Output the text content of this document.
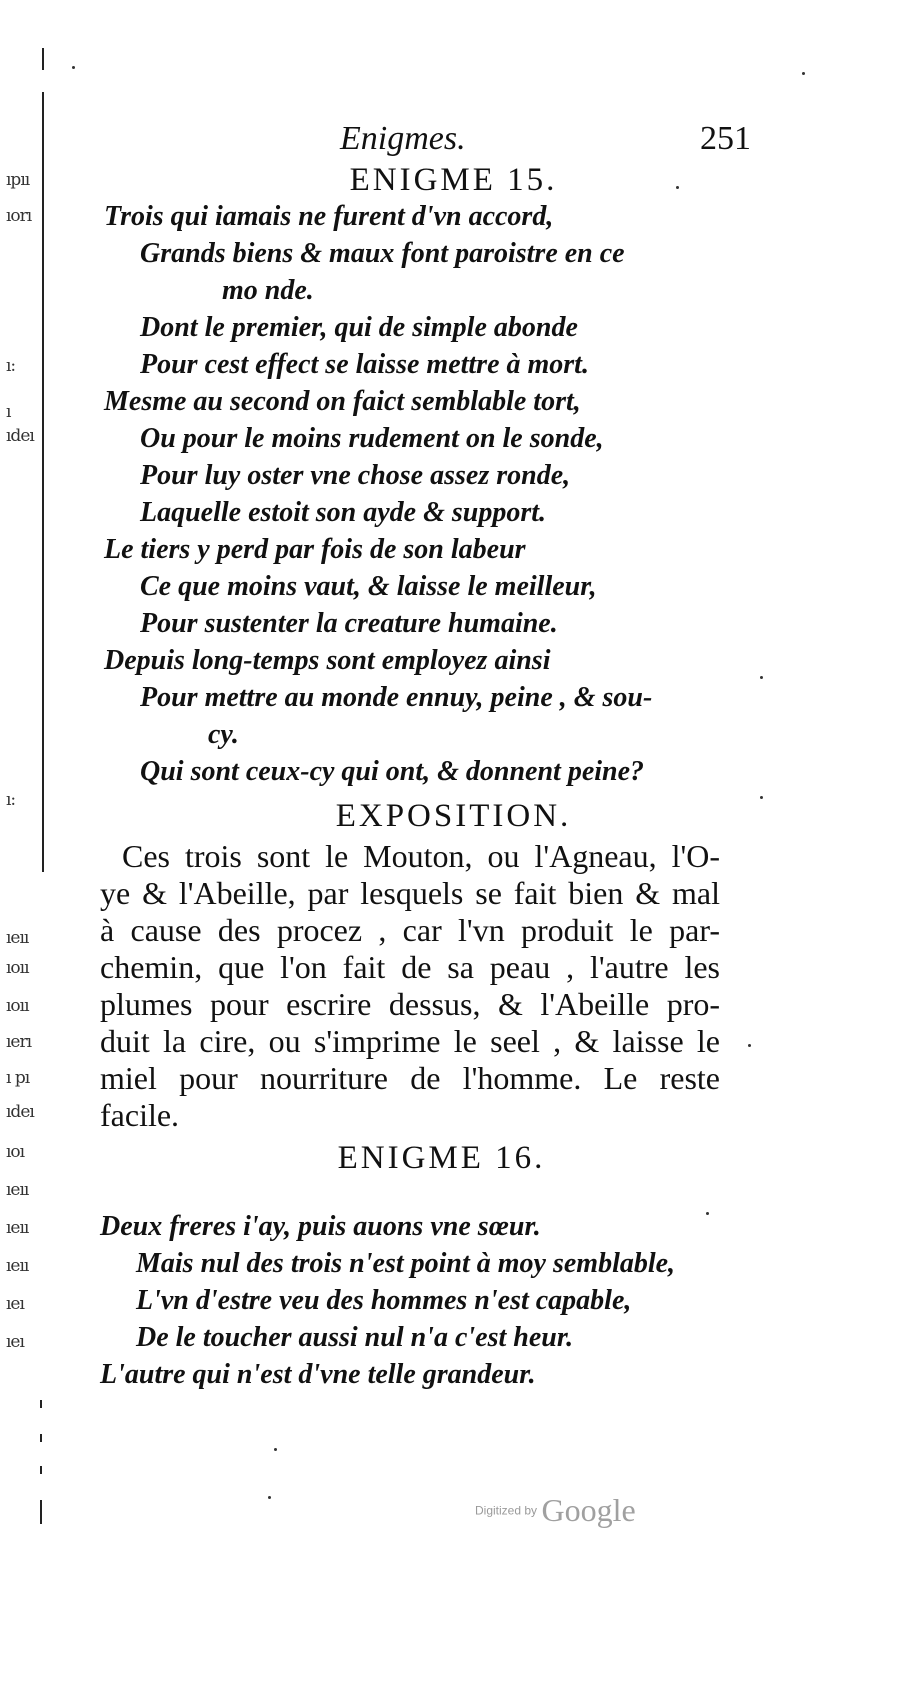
ıpıı
ıorı
ı:
ı
ıdeı
ı:
ıeıı
ıoıı
ıoıı
ıerı
ı pı
ıdeı
ıoı
ıeıı
ıeıı
ıeıı
ıeı
ıeı
Enigmes.	251
ENIGME 15.
Trois qui iamais ne furent d'vn accord,
Grands biens & maux font paroistre en ce
mo nde.
Dont le premier, qui de simple abonde
Pour cest effect se laisse mettre à mort.
Mesme au second on faict semblable tort,
Ou pour le moins rudement on le sonde,
Pour luy oster vne chose assez ronde,
Laquelle estoit son ayde & support.
Le tiers y perd par fois de son labeur
Ce que moins vaut, & laisse le meilleur,
Pour sustenter la creature humaine.
Depuis long-temps sont employez ainsi
Pour mettre au monde ennuy, peine , & sou-
cy.
Qui sont ceux-cy qui ont, & donnent peine?
EXPOSITION.
Ces trois sont le Mouton, ou l'Agneau, l'O-
ye & l'Abeille, par lesquels se fait bien & mal
à cause des procez , car l'vn produit le par-
chemin, que l'on fait de sa peau , l'autre les
plumes pour escrire dessus, & l'Abeille pro-
duit la cire, ou s'imprime le seel , & laisse le
miel pour nourriture de l'homme. Le reste
facile.
ENIGME 16.
Deux freres i'ay, puis auons vne sœur.
Mais nul des trois n'est point à moy semblable,
L'vn d'estre veu des hommes n'est capable,
De le toucher aussi nul n'a c'est heur.
L'autre qui n'est d'vne telle grandeur.
Digitized by Google
